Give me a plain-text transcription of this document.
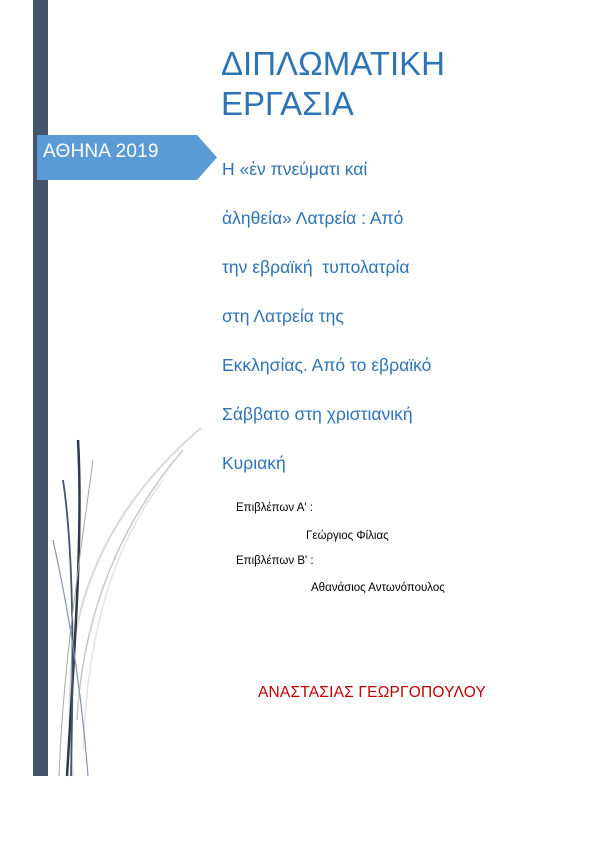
ΑΘΗΝΑ 2019
ΔΙΠΛΩΜΑΤΙΚΗ
ΕΡΓΑΣΙΑ

Η «ἐν πνεύματι καί

ἀληθεία» Λατρεία : Από

την εβραϊκή  τυπολατρία

στη Λατρεία της

Εκκλησίας. Από το εβραϊκό

Σάββατο στη χριστιανική

Κυριακή

Επιβλέπων Α' :
Γεώργιος Φίλιας
Επιβλέπων Β' :
Αθανάσιος Αντωνόπουλος
ΑΝΑΣΤΑΣΙΑΣ ΓΕΩΡΓΟΠΟΥΛΟΥ
